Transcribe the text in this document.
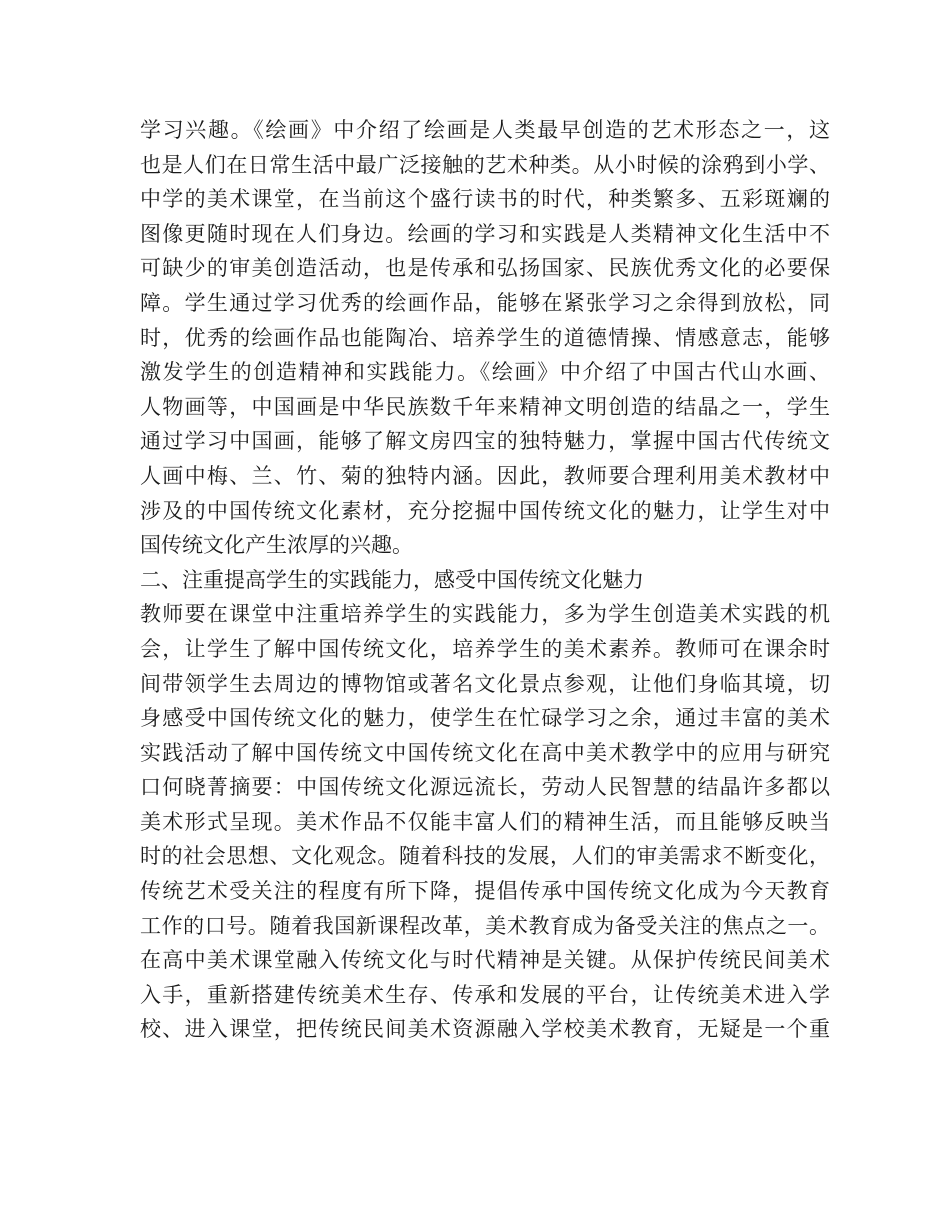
学习兴趣。《绘画》中介绍了绘画是人类最早创造的艺术形态之一，这
也是人们在日常生活中最广泛接触的艺术种类。从小时候的涂鸦到小学、
中学的美术课堂，在当前这个盛行读书的时代，种类繁多、五彩斑斓的
图像更随时现在人们身边。绘画的学习和实践是人类精神文化生活中不
可缺少的审美创造活动，也是传承和弘扬国家、民族优秀文化的必要保
障。学生通过学习优秀的绘画作品，能够在紧张学习之余得到放松，同
时，优秀的绘画作品也能陶冶、培养学生的道德情操、情感意志，能够
激发学生的创造精神和实践能力。《绘画》中介绍了中国古代山水画、
人物画等，中国画是中华民族数千年来精神文明创造的结晶之一，学生
通过学习中国画，能够了解文房四宝的独特魅力，掌握中国古代传统文
人画中梅、兰、竹、菊的独特内涵。因此，教师要合理利用美术教材中
涉及的中国传统文化素材，充分挖掘中国传统文化的魅力，让学生对中
国传统文化产生浓厚的兴趣。
二、注重提高学生的实践能力，感受中国传统文化魅力
教师要在课堂中注重培养学生的实践能力，多为学生创造美术实践的机
会，让学生了解中国传统文化，培养学生的美术素养。教师可在课余时
间带领学生去周边的博物馆或著名文化景点参观，让他们身临其境，切
身感受中国传统文化的魅力，使学生在忙碌学习之余，通过丰富的美术
实践活动了解中国传统文中国传统文化在高中美术教学中的应用与研究
口何晓菁摘要：中国传统文化源远流长，劳动人民智慧的结晶许多都以
美术形式呈现。美术作品不仅能丰富人们的精神生活，而且能够反映当
时的社会思想、文化观念。随着科技的发展，人们的审美需求不断变化，
传统艺术受关注的程度有所下降，提倡传承中国传统文化成为今天教育
工作的口号。随着我国新课程改革，美术教育成为备受关注的焦点之一。
在高中美术课堂融入传统文化与时代精神是关键。从保护传统民间美术
入手，重新搭建传统美术生存、传承和发展的平台，让传统美术进入学
校、进入课堂，把传统民间美术资源融入学校美术教育，无疑是一个重
